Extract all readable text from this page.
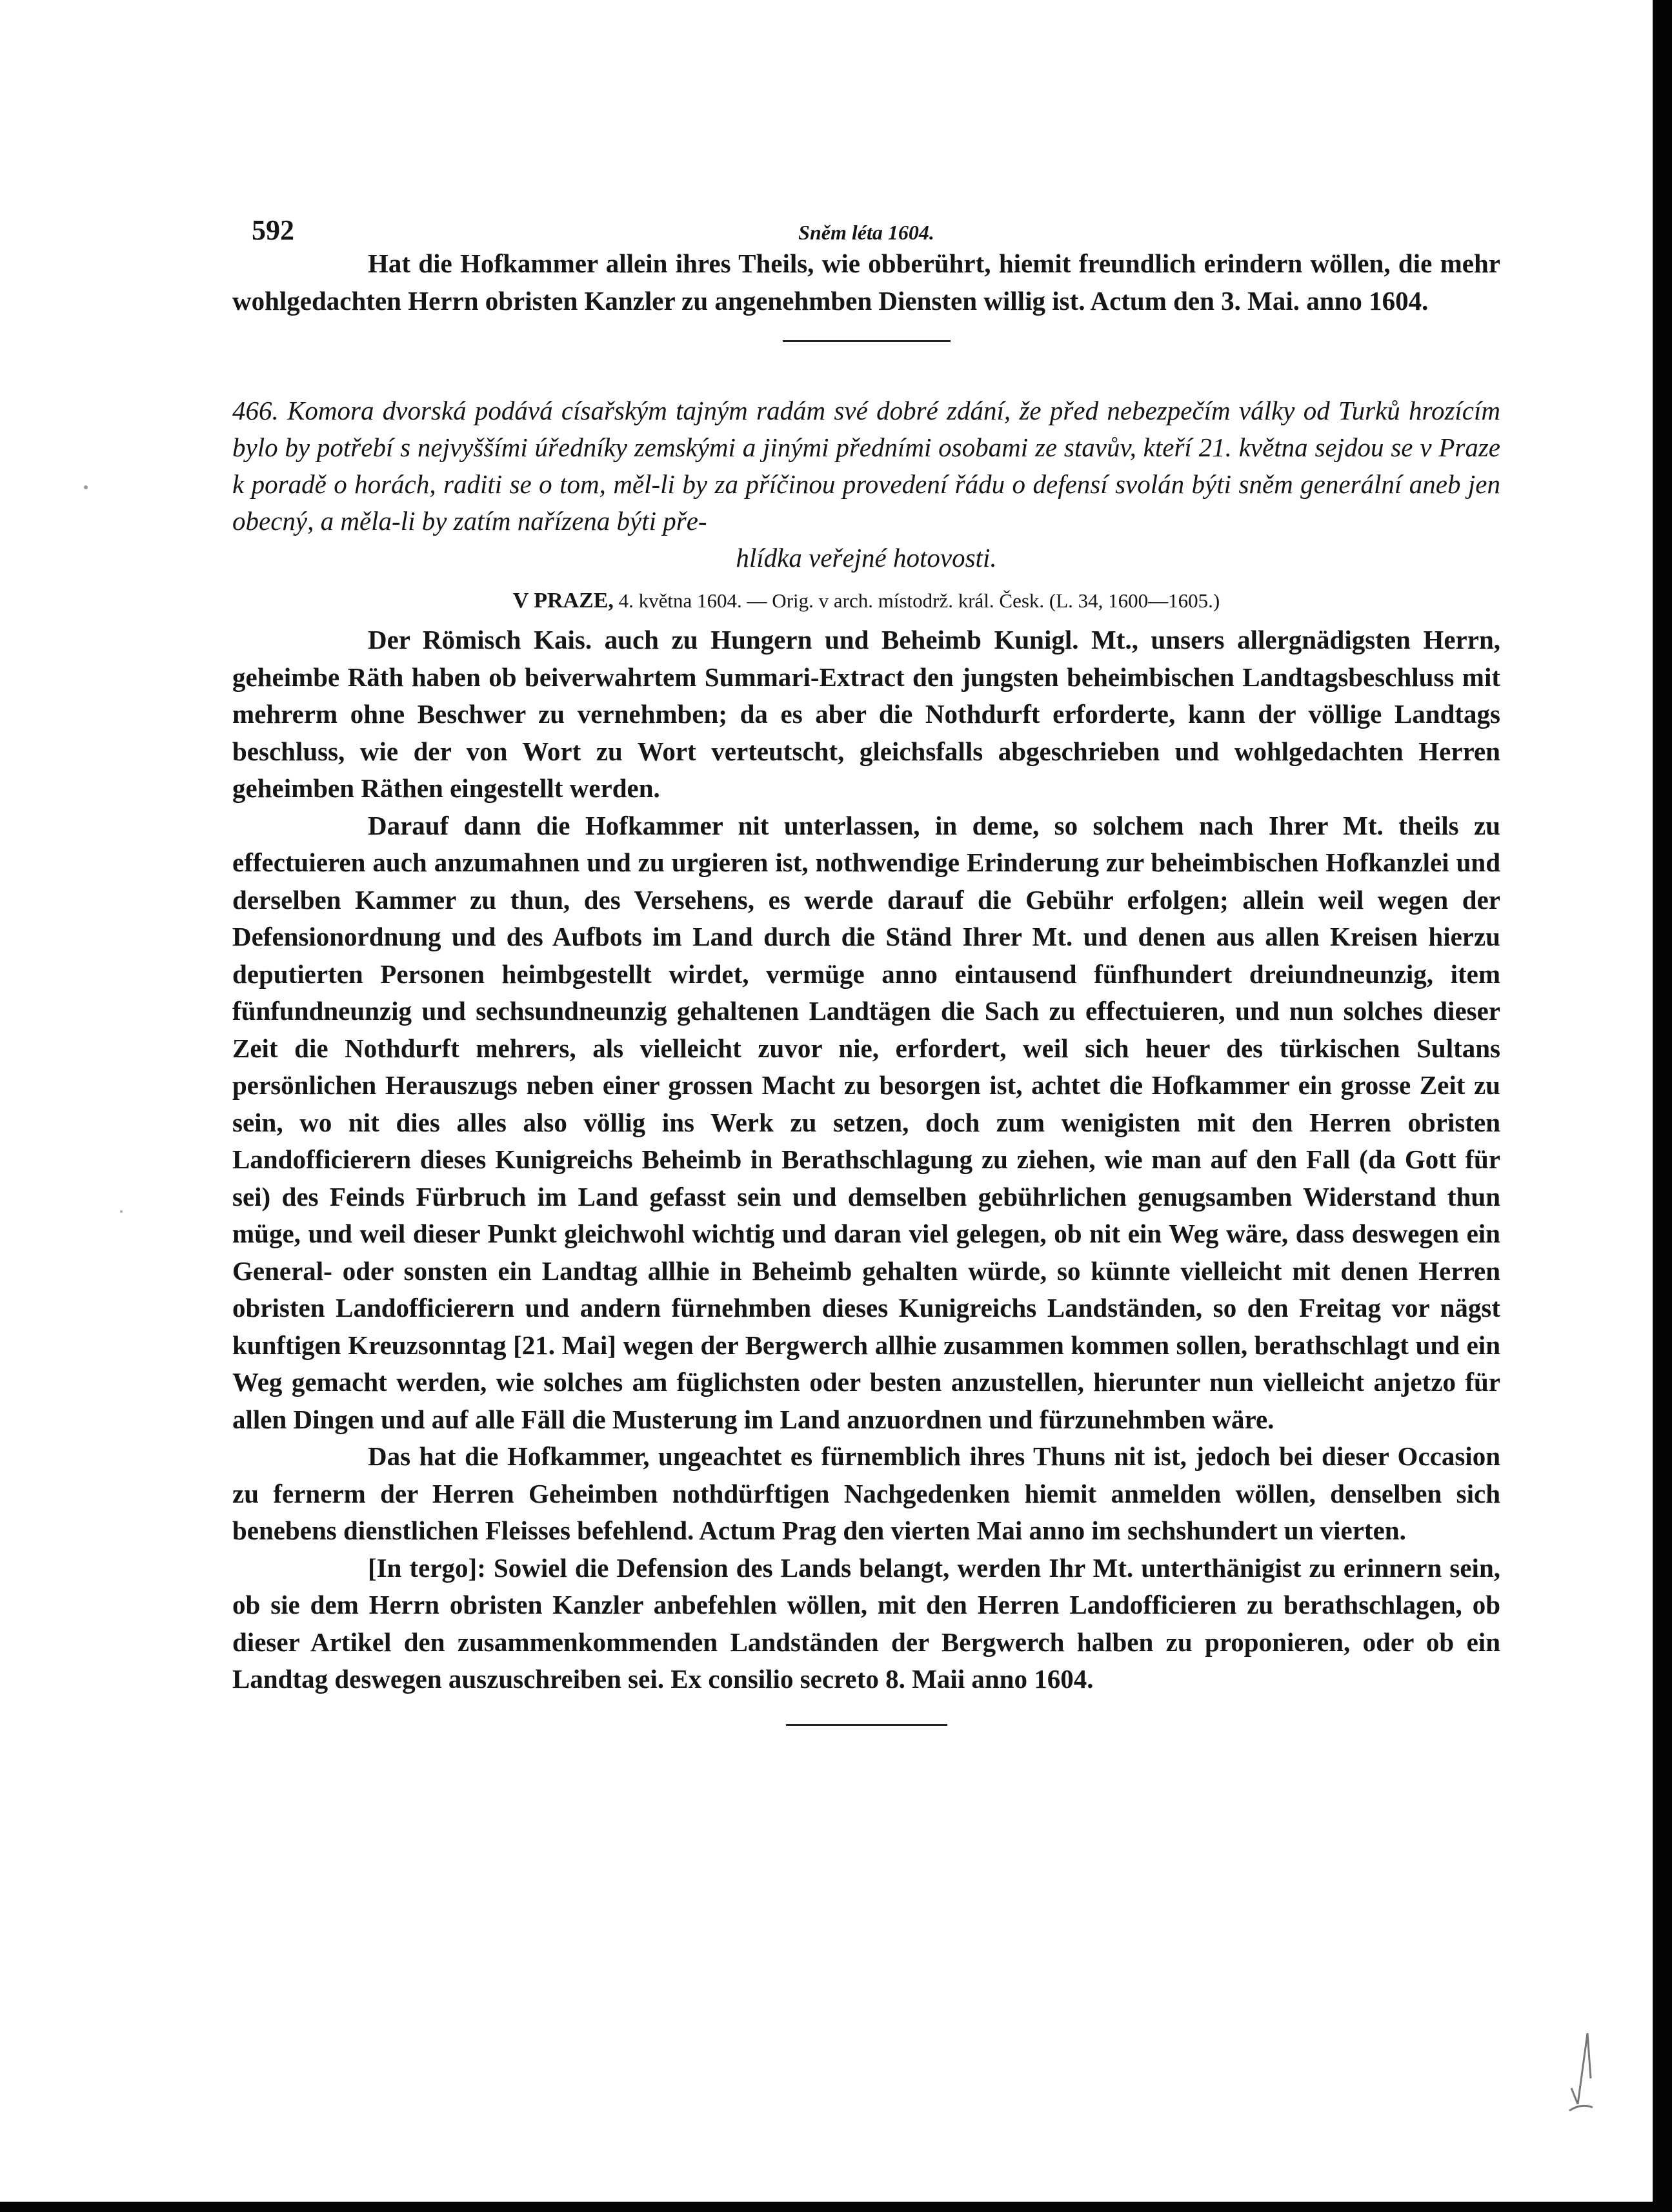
592	Sněm léta 1604.

Hat die Hofkammer allein ihres Theils, wie obberührt, hiemit freundlich erindern wöllen, die mehr wohlgedachten Herrn obristen Kanzler zu angenehmben Diensten willig ist. Actum den 3. Mai. anno 1604.

466. Komora dvorská podává císařským tajným radám své dobré zdání, že před nebezpečím války od Turků hrozícím bylo by potřebí s nejvyššími úředníky zemskými a jinými předními osobami ze stavův, kteří 21. května sejdou se v Praze k poradě o horách, raditi se o tom, měl-li by za příčinou provedení řádu o defensí svolán býti sněm generální aneb jen obecný, a měla-li by zatím nařízena býti pře-
hlídka veřejné hotovosti.
V PRAZE, 4. května 1604. — Orig. v arch. místodrž. král. Česk. (L. 34, 1600—1605.)

Der Römisch Kais. auch zu Hungern und Beheimb Kunigl. Mt., unsers allergnädigsten Herrn, geheimbe Räth haben ob beiverwahrtem Summari-Extract den jungsten beheimbischen Landtagsbeschluss mit mehrerm ohne Beschwer zu vernehmben; da es aber die Nothdurft erforderte, kann der völlige Landtags beschluss, wie der von Wort zu Wort verteutscht, gleichsfalls abgeschrieben und wohlgedachten Herren geheimben Räthen eingestellt werden.

Darauf dann die Hofkammer nit unterlassen, in deme, so solchem nach Ihrer Mt. theils zu effectuieren auch anzumahnen und zu urgieren ist, nothwendige Erinderung zur beheimbischen Hofkanzlei und derselben Kammer zu thun, des Versehens, es werde darauf die Gebühr erfolgen; allein weil wegen der Defensionordnung und des Aufbots im Land durch die Ständ Ihrer Mt. und denen aus allen Kreisen hierzu deputierten Personen heimbgestellt wirdet, vermüge anno eintausend fünfhundert dreiundneunzig, item fünfundneunzig und sechsundneunzig gehaltenen Landtägen die Sach zu effectuieren, und nun solches dieser Zeit die Nothdurft mehrers, als vielleicht zuvor nie, erfordert, weil sich heuer des türkischen Sultans persönlichen Herauszugs neben einer grossen Macht zu besorgen ist, achtet die Hofkammer ein grosse Zeit zu sein, wo nit dies alles also völlig ins Werk zu setzen, doch zum wenigisten mit den Herren obristen Landofficierern dieses Kunigreichs Beheimb in Berathschlagung zu ziehen, wie man auf den Fall (da Gott für sei) des Feinds Fürbruch im Land gefasst sein und demselben gebührlichen genugsamben Widerstand thun müge, und weil dieser Punkt gleichwohl wichtig und daran viel gelegen, ob nit ein Weg wäre, dass deswegen ein General- oder sonsten ein Landtag allhie in Beheimb gehalten würde, so künnte vielleicht mit denen Herren obristen Landofficierern und andern fürnehmben dieses Kunigreichs Landständen, so den Freitag vor nägst kunftigen Kreuzsonntag [21. Mai] wegen der Bergwerch allhie zusammen kommen sollen, berathschlagt und ein Weg gemacht werden, wie solches am füglichsten oder besten anzustellen, hierunter nun vielleicht anjetzo für allen Dingen und auf alle Fäll die Musterung im Land anzuordnen und fürzunehmben wäre.

Das hat die Hofkammer, ungeachtet es fürnemblich ihres Thuns nit ist, jedoch bei dieser Occasion zu fernerm der Herren Geheimben nothdürftigen Nachgedenken hiemit anmelden wöllen, denselben sich benebens dienstlichen Fleisses befehlend. Actum Prag den vierten Mai anno im sechshundert un vierten.

[In tergo]: Sowiel die Defension des Lands belangt, werden Ihr Mt. unterthänigist zu erinnern sein, ob sie dem Herrn obristen Kanzler anbefehlen wöllen, mit den Herren Landofficieren zu berathschlagen, ob dieser Artikel den zusammenkommenden Landständen der Bergwerch halben zu proponieren, oder ob ein Landtag deswegen auszuschreiben sei. Ex consilio secreto 8. Maii anno 1604.
